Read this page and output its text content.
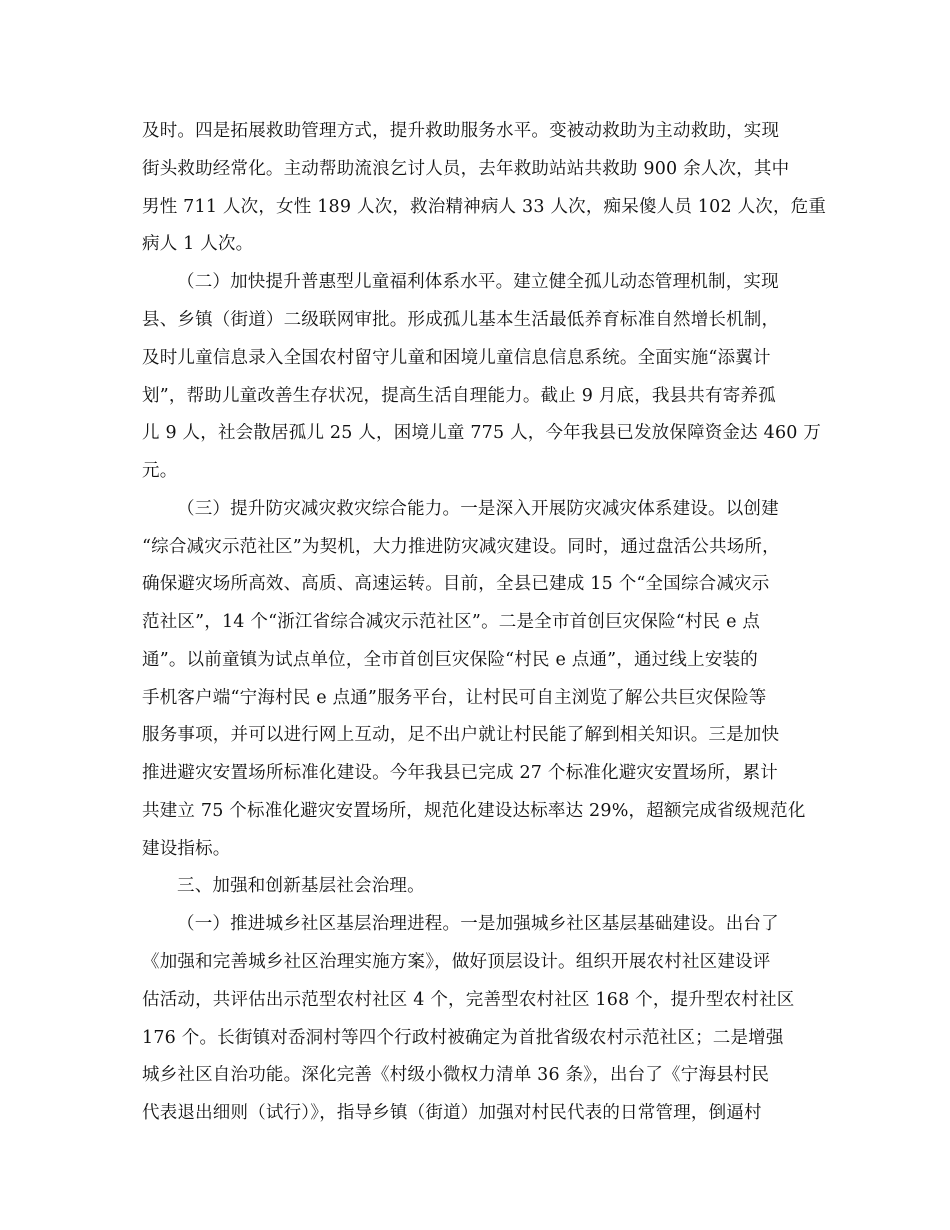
及时。四是拓展救助管理方式，提升救助服务水平。变被动救助为主动救助，实现
街头救助经常化。主动帮助流浪乞讨人员，去年救助站站共救助 900 余人次，其中
男性 711 人次，女性 189 人次，救治精神病人 33 人次，痴呆傻人员 102 人次，危重
病人 1 人次。
（二）加快提升普惠型儿童福利体系水平。建立健全孤儿动态管理机制，实现
县、乡镇（街道）二级联网审批。形成孤儿基本生活最低养育标准自然增长机制，
及时儿童信息录入全国农村留守儿童和困境儿童信息信息系统。全面实施“添翼计
划”，帮助儿童改善生存状况，提高生活自理能力。截止 9 月底，我县共有寄养孤
儿 9 人，社会散居孤儿 25 人，困境儿童 775 人，今年我县已发放保障资金达 460 万
元。
（三）提升防灾减灾救灾综合能力。一是深入开展防灾减灾体系建设。以创建
“综合减灾示范社区”为契机，大力推进防灾减灾建设。同时，通过盘活公共场所，
确保避灾场所高效、高质、高速运转。目前，全县已建成 15 个“全国综合减灾示
范社区”，14 个“浙江省综合减灾示范社区”。二是全市首创巨灾保险“村民 e 点
通”。以前童镇为试点单位，全市首创巨灾保险“村民 e 点通”，通过线上安装的
手机客户端“宁海村民 e 点通”服务平台，让村民可自主浏览了解公共巨灾保险等
服务事项，并可以进行网上互动，足不出户就让村民能了解到相关知识。三是加快
推进避灾安置场所标准化建设。今年我县已完成 27 个标准化避灾安置场所，累计
共建立 75 个标准化避灾安置场所，规范化建设达标率达 29%，超额完成省级规范化
建设指标。
三、加强和创新基层社会治理。
（一）推进城乡社区基层治理进程。一是加强城乡社区基层基础建设。出台了
《加强和完善城乡社区治理实施方案》，做好顶层设计。组织开展农村社区建设评
估活动，共评估出示范型农村社区 4 个，完善型农村社区 168 个，提升型农村社区
176 个。长街镇对岙洞村等四个行政村被确定为首批省级农村示范社区；二是增强
城乡社区自治功能。深化完善《村级小微权力清单 36 条》，出台了《宁海县村民
代表退出细则（试行）》，指导乡镇（街道）加强对村民代表的日常管理，倒逼村
